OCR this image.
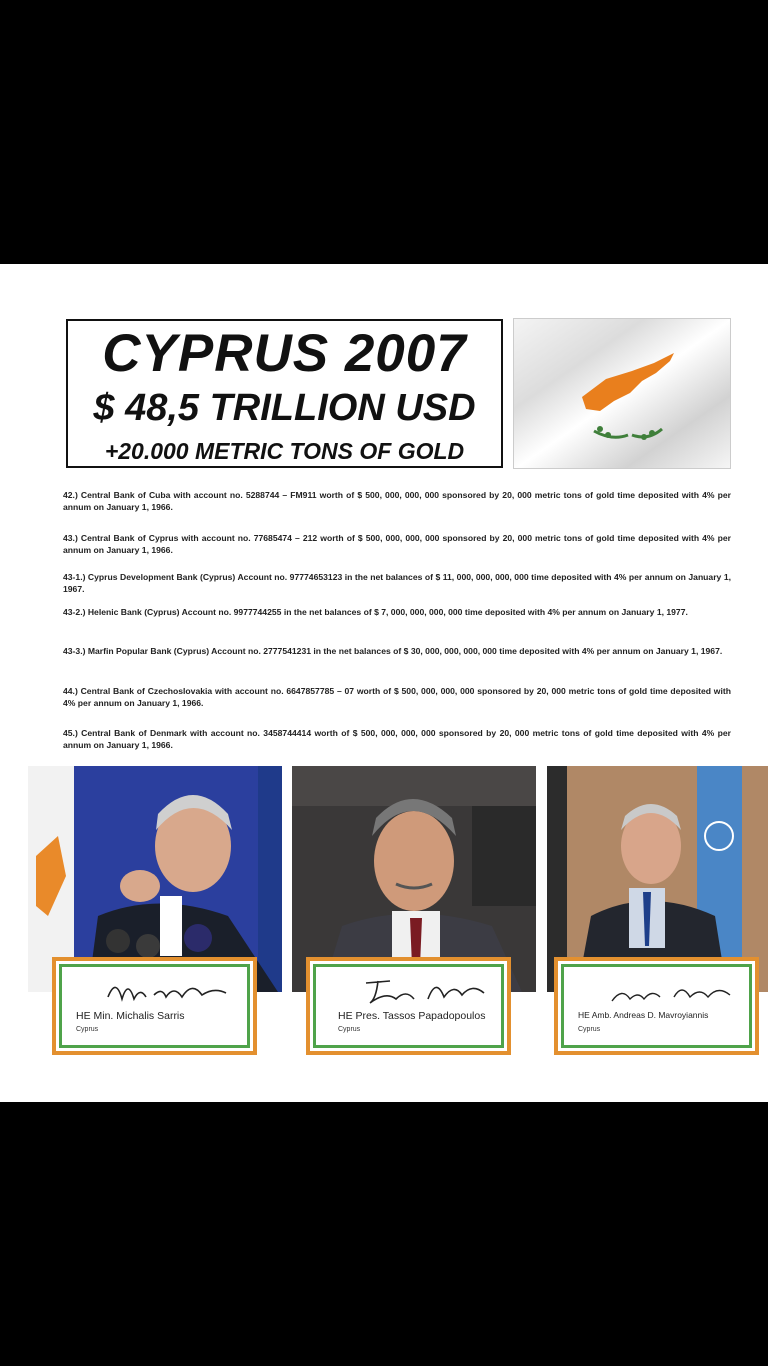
CYPRUS 2007
$ 48,5 TRILLION USD
+20.000 METRIC TONS OF GOLD
42.) Central Bank of Cuba with account no. 5288744 – FM911 worth of $ 500, 000, 000, 000 sponsored by 20, 000 metric tons of gold time deposited with 4% per annum on January 1, 1966.
43.) Central Bank of Cyprus with account no. 77685474 – 212 worth of $ 500, 000, 000, 000 sponsored by 20, 000 metric tons of gold time deposited with 4% per annum on January 1, 1966.
43-1.) Cyprus Development Bank (Cyprus) Account no. 97774653123 in the net balances of $ 11, 000, 000, 000, 000 time deposited with 4% per annum on January 1, 1967.
43-2.) Helenic Bank (Cyprus) Account no. 9977744255 in the net balances of $ 7, 000, 000, 000, 000 time deposited with 4% per annum on January 1, 1977.
43-3.) Marfin Popular Bank (Cyprus) Account no. 2777541231 in the net balances of $ 30, 000, 000, 000, 000 time deposited with 4% per annum on January 1, 1967.
44.) Central Bank of Czechoslovakia with account no. 6647857785 – 07 worth of $ 500, 000, 000, 000 sponsored by 20, 000 metric tons of gold time deposited with 4% per annum on January 1, 1966.
45.) Central Bank of Denmark with account no. 3458744414 worth of $ 500, 000, 000, 000 sponsored by 20, 000 metric tons of gold time deposited with 4% per annum on January 1, 1966.
HE Min. Michalis Sarris
Cyprus
HE Pres. Tassos Papadopoulos
Cyprus
HE Amb. Andreas D. Mavroyiannis
Cyprus
